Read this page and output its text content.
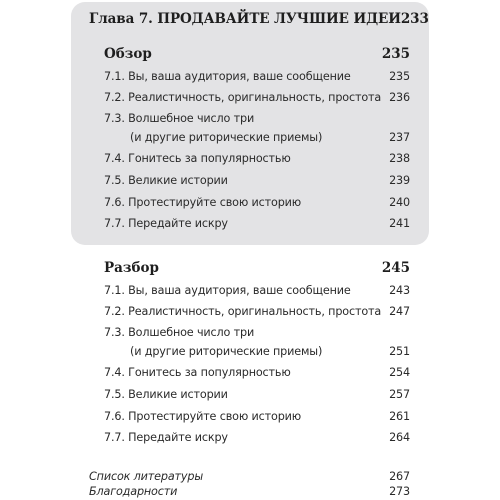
Глава 7. ПРОДАВАЙТЕ ЛУЧШИЕ ИДЕИ 233
Обзор	235
7.1. Вы, ваша аудитория, ваше сообщение	235
7.2. Реалистичность, оригинальность, простота 236
7.3. Волшебное число три
(и другие риторические приемы)	237
7.4. Гонитесь за популярностью	238
7.5. Великие истории	239
7.6. Протестируйте свою историю	240
7.7. Передайте искру	241
Разбор	245
7.1. Вы, ваша аудитория, ваше сообщение	243
7.2. Реалистичность, оригинальность, простота 247
7.3. Волшебное число три
(и другие риторические приемы)	251
7.4. Гонитесь за популярностью	254
7.5. Великие истории	257
7.6. Протестируйте свою историю	261
7.7. Передайте искру	264
Список литературы	267
Благодарности	273
